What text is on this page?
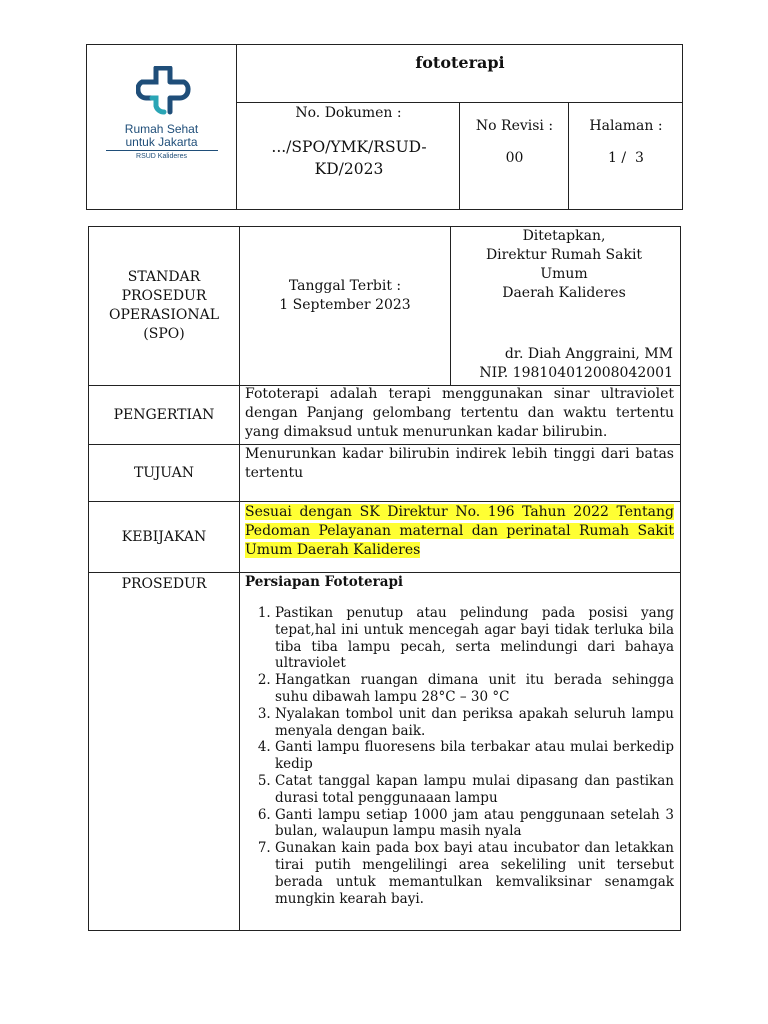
Rumah Sehat
untuk Jakarta
RSUD Kalideres
fototerapi
No. Dokumen :
.../SPO/YMK/RSUD-KD/2023
No Revisi :
00
Halaman :
1 /  3
STANDAR PROSEDUR OPERASIONAL (SPO)
Tanggal Terbit :
1 September 2023
Ditetapkan,
Direktur Rumah Sakit
Umum
Daerah Kalideres
dr. Diah Anggraini, MM
NIP. 198104012008042001
PENGERTIAN
Fototerapi adalah terapi menggunakan sinar ultraviolet dengan Panjang gelombang tertentu dan waktu tertentu yang dimaksud untuk menurunkan kadar bilirubin.
TUJUAN
Menurunkan kadar bilirubin indirek lebih tinggi dari batas tertentu
KEBIJAKAN
Sesuai dengan SK Direktur No. 196 Tahun 2022 Tentang Pedoman Pelayanan maternal dan perinatal Rumah Sakit Umum Daerah Kalideres
PROSEDUR	Persiapan Fototerapi
1. Pastikan penutup atau pelindung pada posisi yang tepat,hal ini untuk mencegah agar bayi tidak terluka bila tiba tiba lampu pecah, serta melindungi dari bahaya ultraviolet
2. Hangatkan ruangan dimana unit itu berada sehingga suhu dibawah lampu 28°C – 30 °C
3. Nyalakan tombol unit dan periksa apakah seluruh lampu menyala dengan baik.
4. Ganti lampu fluoresens bila terbakar atau mulai berkedip kedip
5. Catat tanggal kapan lampu mulai dipasang dan pastikan durasi total penggunaaan lampu
6. Ganti lampu setiap 1000 jam atau penggunaan setelah 3 bulan, walaupun lampu masih nyala
7. Gunakan kain pada box bayi atau incubator dan letakkan tirai putih mengelilingi area sekeliling unit tersebut berada untuk memantulkan kemvaliksinar senamgak mungkin kearah bayi.
